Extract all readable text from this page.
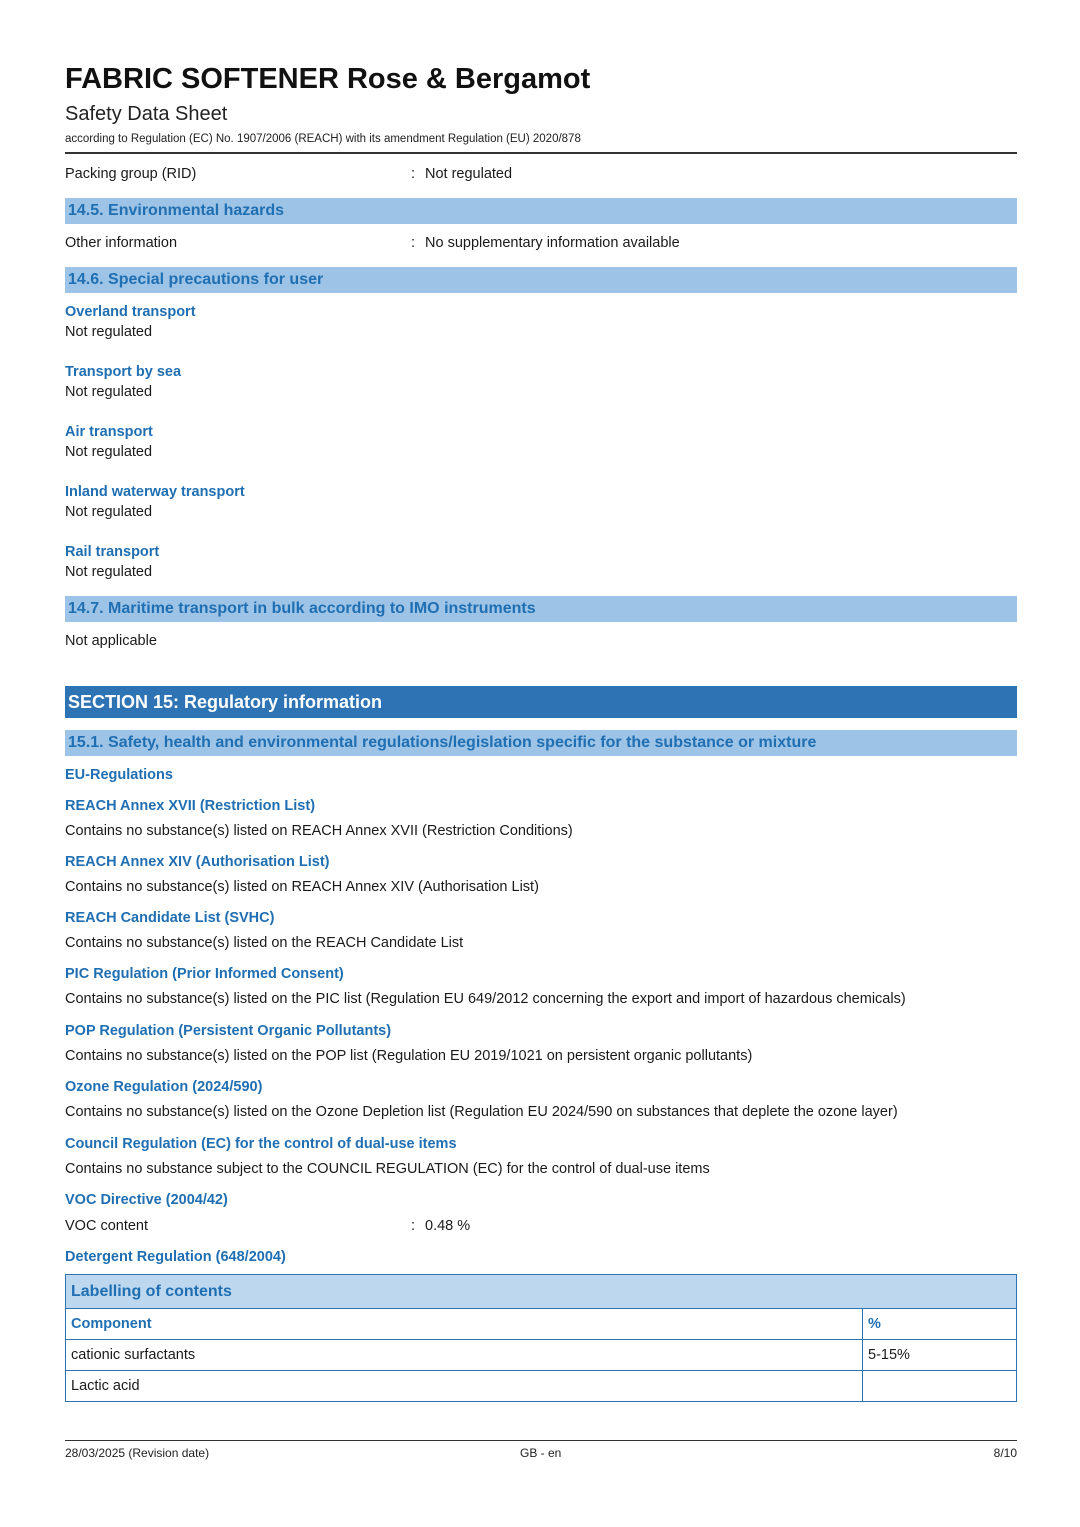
FABRIC SOFTENER Rose & Bergamot
Safety Data Sheet
according to Regulation (EC) No. 1907/2006 (REACH) with its amendment Regulation (EU) 2020/878
Packing group (RID)	: Not regulated
14.5. Environmental hazards
Other information	: No supplementary information available
14.6. Special precautions for user
Overland transport
Not regulated
Transport by sea
Not regulated
Air transport
Not regulated
Inland waterway transport
Not regulated
Rail transport
Not regulated
14.7. Maritime transport in bulk according to IMO instruments
Not applicable
SECTION 15: Regulatory information
15.1. Safety, health and environmental regulations/legislation specific for the substance or mixture
EU-Regulations
REACH Annex XVII (Restriction List)
Contains no substance(s) listed on REACH Annex XVII (Restriction Conditions)
REACH Annex XIV (Authorisation List)
Contains no substance(s) listed on REACH Annex XIV (Authorisation List)
REACH Candidate List (SVHC)
Contains no substance(s) listed on the REACH Candidate List
PIC Regulation (Prior Informed Consent)
Contains no substance(s) listed on the PIC list (Regulation EU 649/2012 concerning the export and import of hazardous chemicals)
POP Regulation (Persistent Organic Pollutants)
Contains no substance(s) listed on the POP list (Regulation EU 2019/1021 on persistent organic pollutants)
Ozone Regulation (2024/590)
Contains no substance(s) listed on the Ozone Depletion list (Regulation EU 2024/590 on substances that deplete the ozone layer)
Council Regulation (EC) for the control of dual-use items
Contains no substance subject to the COUNCIL REGULATION (EC) for the control of dual-use items
VOC Directive (2004/42)
VOC content	: 0.48 %
Detergent Regulation (648/2004)
Labelling of contents	
Component	%
cationic surfactants	5-15%
Lactic acid	
28/03/2025 (Revision date)	GB - en	8/10
